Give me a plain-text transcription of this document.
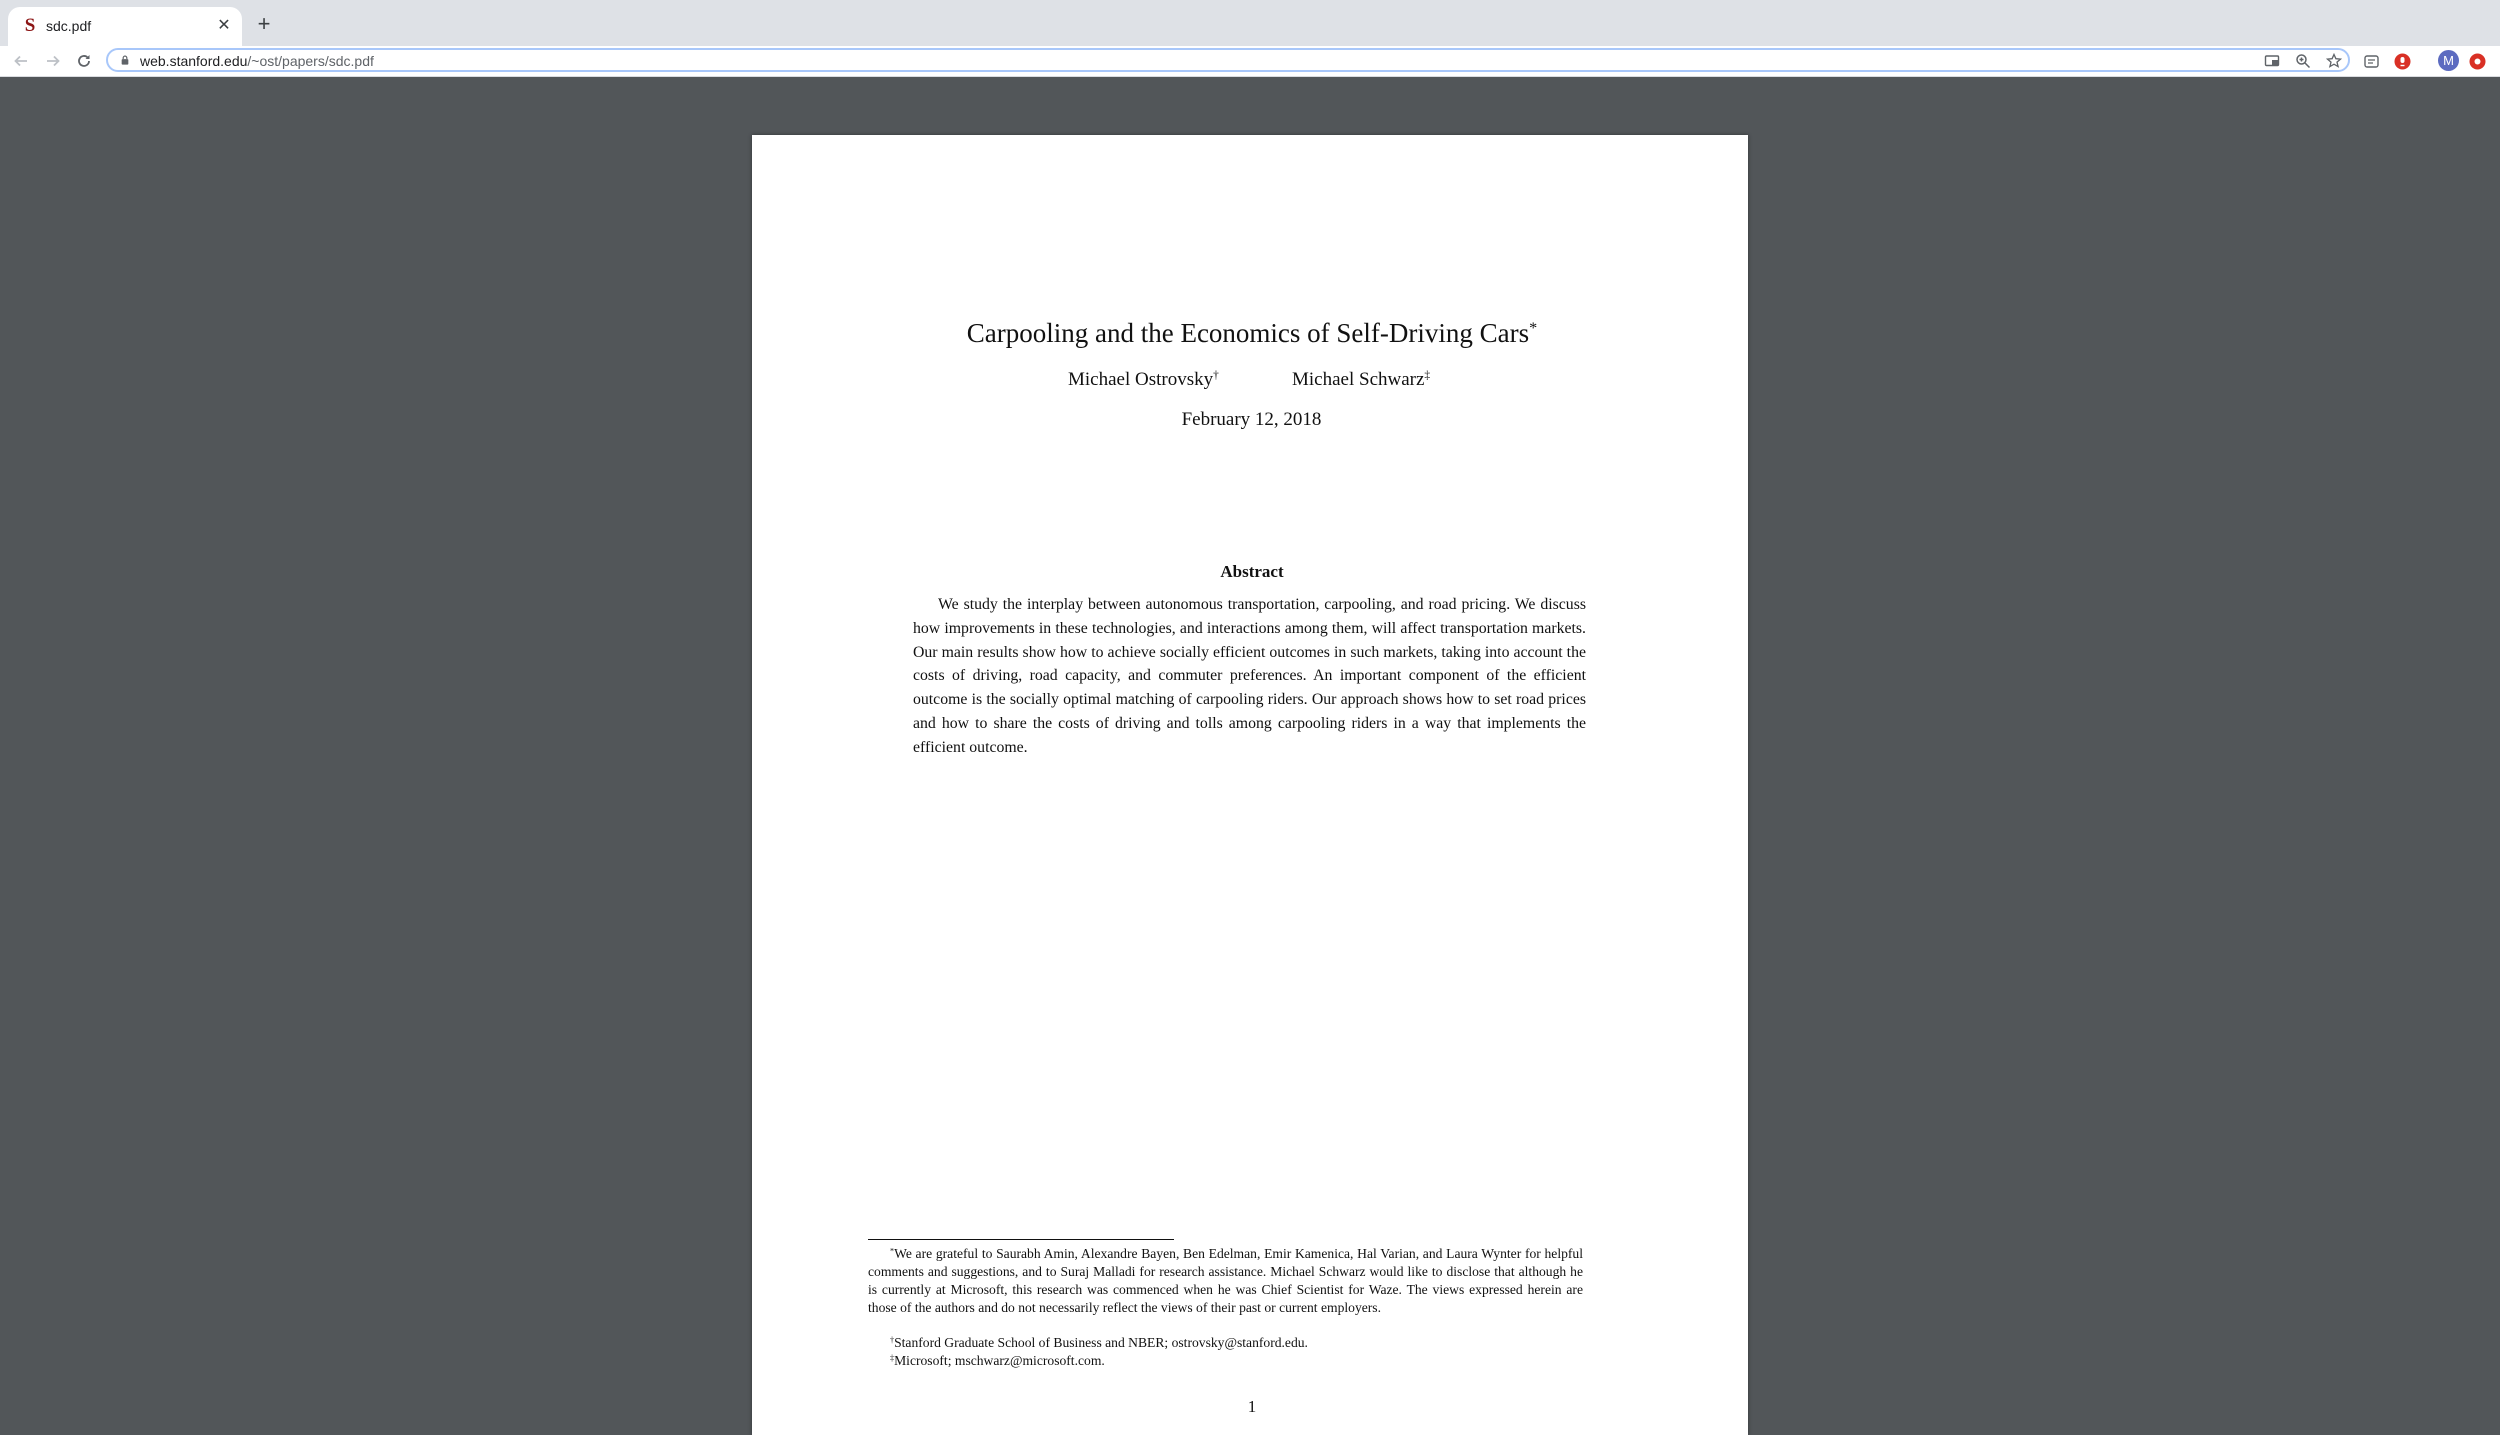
S sdc.pdf	✕ +
web.stanford.edu/~ost/papers/sdc.pdf	M
Carpooling and the Economics of Self-Driving Cars*
Michael Ostrovsky†	Michael Schwarz‡
February 12, 2018
Abstract

We study the interplay between autonomous transportation, carpooling, and road pricing. We discuss how improvements in these technologies, and interactions among them, will affect transportation markets. Our main results show how to achieve socially efficient outcomes in such markets, taking into account the costs of driving, road capacity, and commuter preferences. An important component of the efficient outcome is the socially optimal matching of carpooling riders. Our approach shows how to set road prices and how to share the costs of driving and tolls among carpooling riders in a way that implements the efficient outcome.

*We are grateful to Saurabh Amin, Alexandre Bayen, Ben Edelman, Emir Kamenica, Hal Varian, and Laura Wynter for helpful comments and suggestions, and to Suraj Malladi for research assistance. Michael Schwarz would like to disclose that although he is currently at Microsoft, this research was commenced when he was Chief Scientist for Waze. The views expressed herein are those of the authors and do not necessarily reflect the views of their past or current employers.

†Stanford Graduate School of Business and NBER; ostrovsky@stanford.edu.

‡Microsoft; mschwarz@microsoft.com.

1
